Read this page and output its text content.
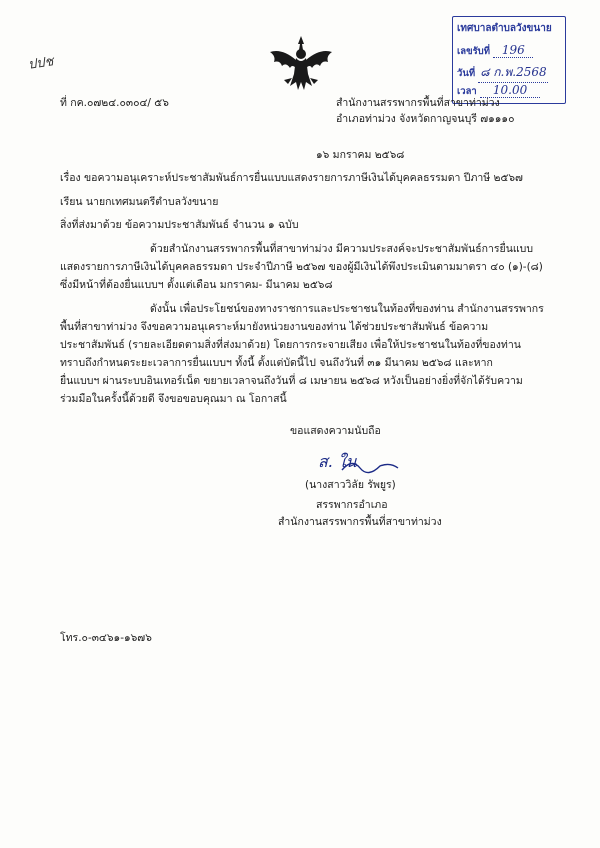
เทศบาลตำบลวังขนาย
เลขรับที่ 196
วันที่ ๘ ก.พ.2568
เวลา 10.00
ปปช
ที่ กค.๐๗๒๔.๐๓๐๔/ ๕๖	สำนักงานสรรพากรพื้นที่สาขาท่าม่วง
อำเภอท่าม่วง จังหวัดกาญจนบุรี ๗๑๑๑๐
๑๖ มกราคม ๒๕๖๘
เรื่อง ขอความอนุเคราะห์ประชาสัมพันธ์การยื่นแบบแสดงรายการภาษีเงินได้บุคคลธรรมดา ปีภาษี ๒๕๖๗
เรียน นายกเทศมนตรีตำบลวังขนาย
สิ่งที่ส่งมาด้วย ข้อความประชาสัมพันธ์ จำนวน ๑ ฉบับ
ด้วยสำนักงานสรรพากรพื้นที่สาขาท่าม่วง มีความประสงค์จะประชาสัมพันธ์การยื่นแบบ
แสดงรายการภาษีเงินได้บุคคลธรรมดา ประจำปีภาษี ๒๕๖๗ ของผู้มีเงินได้พึงประเมินตามมาตรา ๔๐ (๑)-(๘)
ซึ่งมีหน้าที่ต้องยื่นแบบฯ ตั้งแต่เดือน มกราคม- มีนาคม ๒๕๖๘
ดังนั้น เพื่อประโยชน์ของทางราชการและประชาชนในท้องที่ของท่าน สำนักงานสรรพากร
พื้นที่สาขาท่าม่วง จึงขอความอนุเคราะห์มายังหน่วยงานของท่าน ได้ช่วยประชาสัมพันธ์ ข้อความ
ประชาสัมพันธ์ (รายละเอียดตามสิ่งที่ส่งมาด้วย) โดยการกระจายเสียง เพื่อให้ประชาชนในท้องที่ของท่าน
ทราบถึงกำหนดระยะเวลาการยื่นแบบฯ ทั้งนี้ ตั้งแต่บัดนี้ไป จนถึงวันที่ ๓๑ มีนาคม ๒๕๖๘ และหาก
ยื่นแบบฯ ผ่านระบบอินเทอร์เน็ต ขยายเวลาจนถึงวันที่ ๘ เมษายน ๒๕๖๘ หวังเป็นอย่างยิ่งที่จักได้รับความ
ร่วมมือในครั้งนี้ด้วยดี จึงขอขอบคุณมา ณ โอกาสนี้
ขอแสดงความนับถือ
ส. ใน
(นางสาววิลัย รัพยูร)
สรรพากรอำเภอ
สำนักงานสรรพากรพื้นที่สาขาท่าม่วง
โทร.๐-๓๔๖๑-๑๖๗๖
